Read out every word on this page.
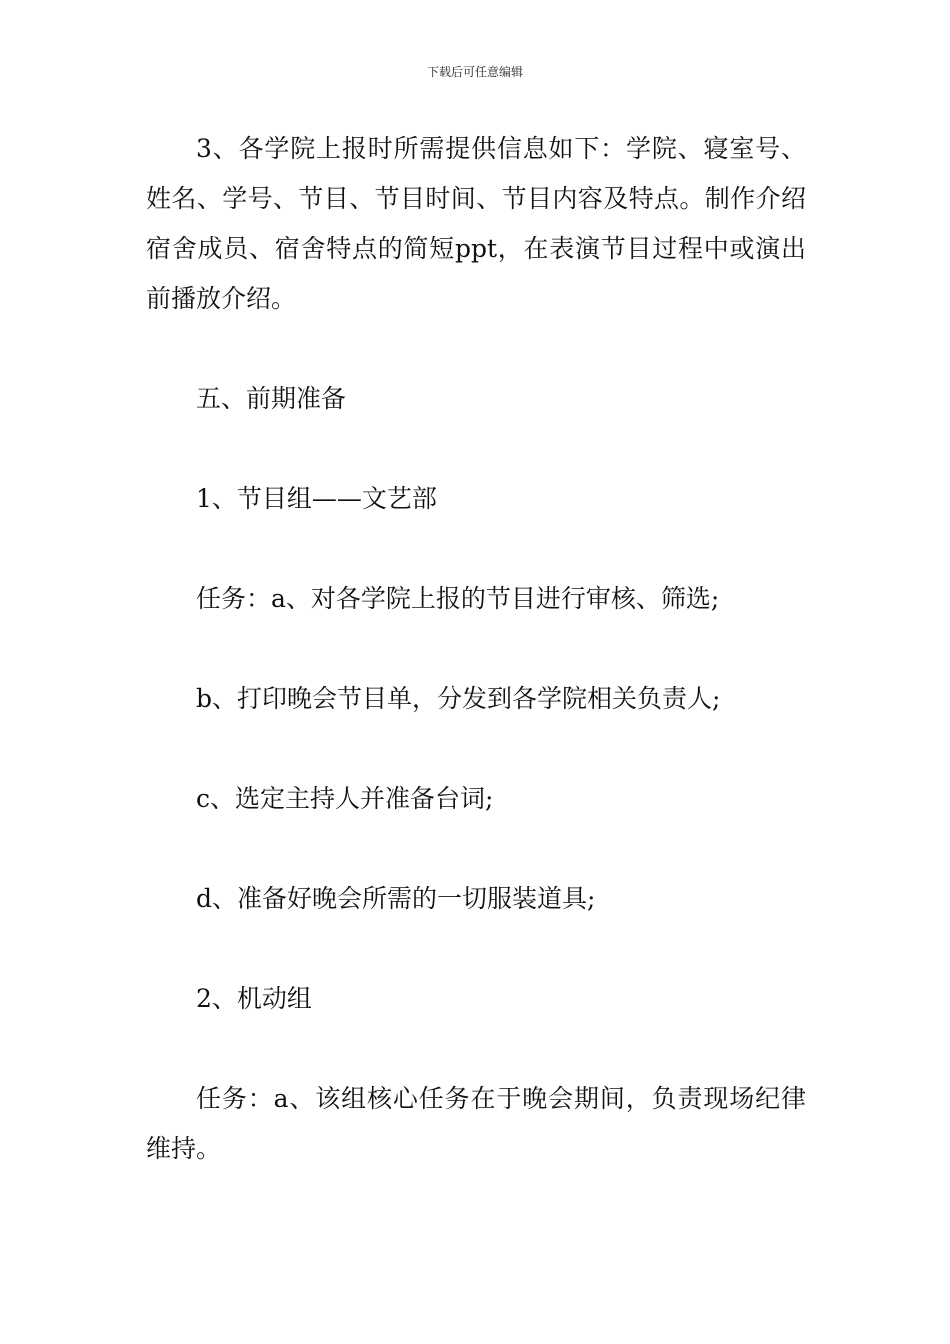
下载后可任意编辑

3、各学院上报时所需提供信息如下：学院、寝室号、姓名、学号、节目、节目时间、节目内容及特点。制作介绍宿舍成员、宿舍特点的简短ppt，在表演节目过程中或演出前播放介绍。

五、前期准备

1、节目组——文艺部

任务：a、对各学院上报的节目进行审核、筛选;

b、打印晚会节目单，分发到各学院相关负责人;

c、选定主持人并准备台词;

d、准备好晚会所需的一切服装道具;

2、机动组

任务：a、该组核心任务在于晚会期间，负责现场纪律维持。
